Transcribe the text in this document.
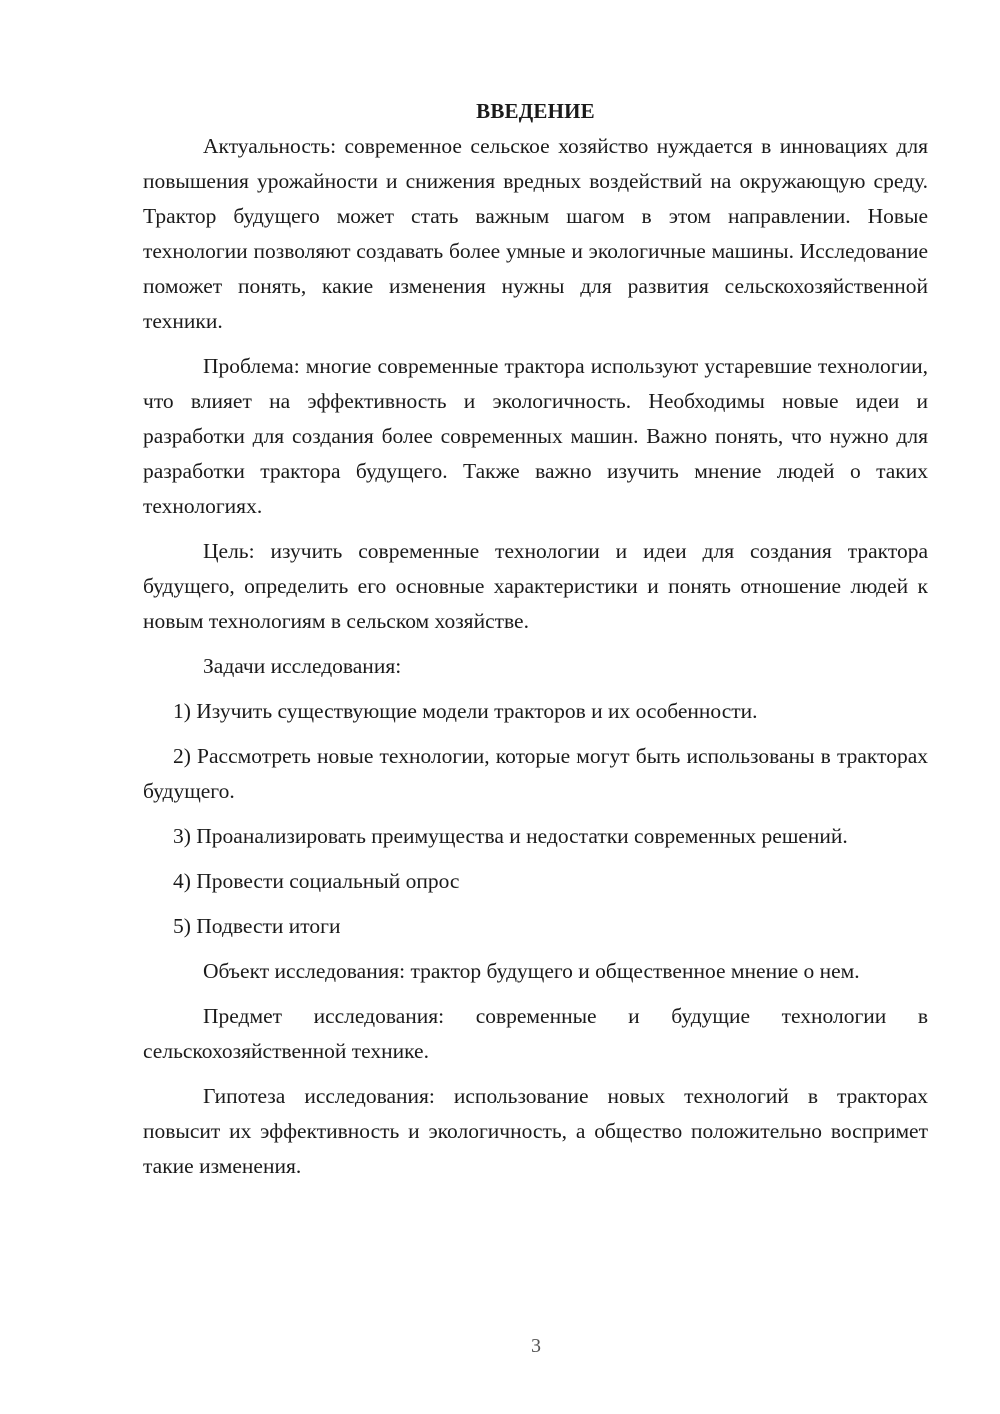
ВВЕДЕНИЕ

Актуальность: современное сельское хозяйство нуждается в инновациях для повышения урожайности и снижения вредных воздействий на окружающую среду. Трактор будущего может стать важным шагом в этом направлении. Новые технологии позволяют создавать более умные и экологичные машины. Исследование поможет понять, какие изменения нужны для развития сельскохозяйственной техники.

Проблема: многие современные трактора используют устаревшие технологии, что влияет на эффективность и экологичность. Необходимы новые идеи и разработки для создания более современных машин. Важно понять, что нужно для разработки трактора будущего. Также важно изучить мнение людей о таких технологиях.

Цель: изучить современные технологии и идеи для создания трактора будущего, определить его основные характеристики и понять отношение людей к новым технологиям в сельском хозяйстве.

Задачи исследования:

1) Изучить существующие модели тракторов и их особенности.

2) Рассмотреть новые технологии, которые могут быть использованы в тракторах будущего.

3) Проанализировать преимущества и недостатки современных решений.

4) Провести социальный опрос

5) Подвести итоги

Объект исследования: трактор будущего и общественное мнение о нем.

Предмет исследования: современные и будущие технологии в сельскохозяйственной технике.

Гипотеза исследования: использование новых технологий в тракторах повысит их эффективность и экологичность, а общество положительно воспримет такие изменения.

3
